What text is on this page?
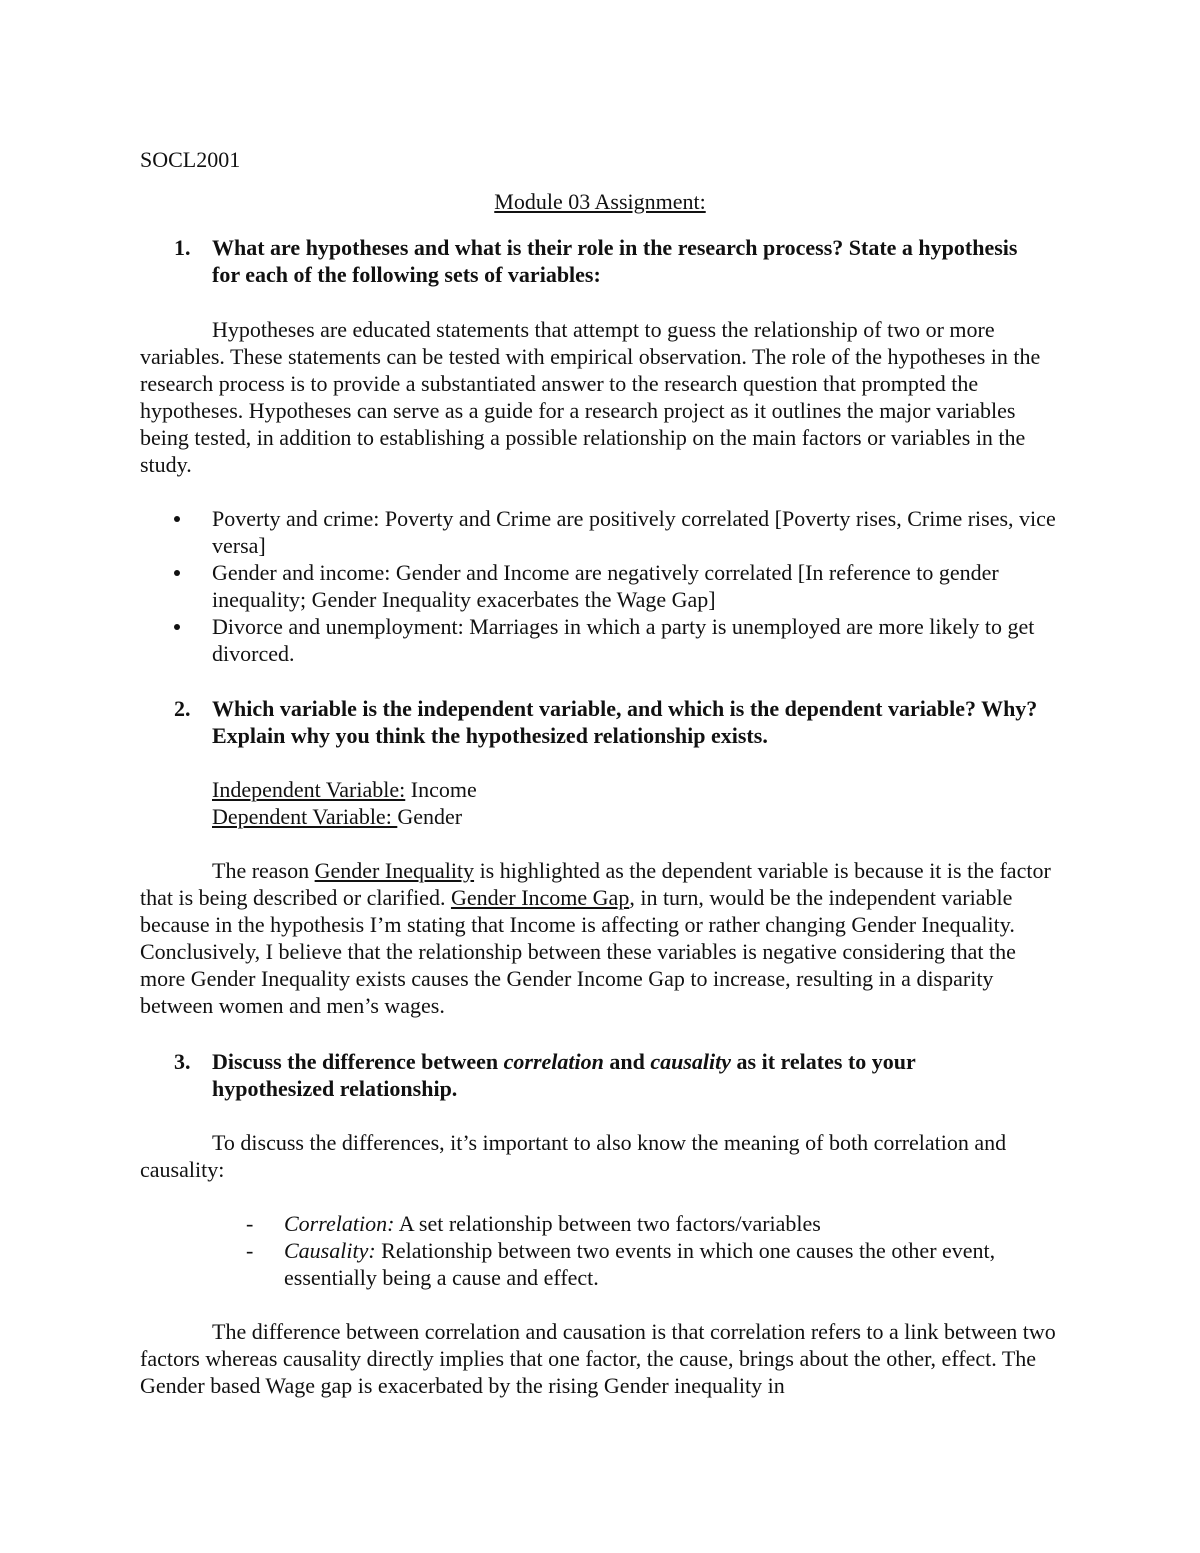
SOCL2001

Module 03 Assignment:

1. What are hypotheses and what is their role in the research process? State a hypothesis for each of the following sets of variables:

Hypotheses are educated statements that attempt to guess the relationship of two or more variables. These statements can be tested with empirical observation. The role of the hypotheses in the research process is to provide a substantiated answer to the research question that prompted the hypotheses. Hypotheses can serve as a guide for a research project as it outlines the major variables being tested, in addition to establishing a possible relationship on the main factors or variables in the study.

Poverty and crime: Poverty and Crime are positively correlated [Poverty rises, Crime rises, vice versa]
Gender and income: Gender and Income are negatively correlated [In reference to gender inequality; Gender Inequality exacerbates the Wage Gap]
Divorce and unemployment: Marriages in which a party is unemployed are more likely to get divorced.

2. Which variable is the independent variable, and which is the dependent variable? Why? Explain why you think the hypothesized relationship exists.

Independent Variable: Income
Dependent Variable: Gender

The reason Gender Inequality is highlighted as the dependent variable is because it is the factor that is being described or clarified. Gender Income Gap, in turn, would be the independent variable because in the hypothesis I’m stating that Income is affecting or rather changing Gender Inequality. Conclusively, I believe that the relationship between these variables is negative considering that the more Gender Inequality exists causes the Gender Income Gap to increase, resulting in a disparity between women and men’s wages.

3. Discuss the difference between correlation and causality as it relates to your hypothesized relationship.

To discuss the differences, it’s important to also know the meaning of both correlation and causality:

- Correlation: A set relationship between two factors/variables
- Causality: Relationship between two events in which one causes the other event, essentially being a cause and effect.

The difference between correlation and causation is that correlation refers to a link between two factors whereas causality directly implies that one factor, the cause, brings about the other, effect. The Gender based Wage gap is exacerbated by the rising Gender inequality in
